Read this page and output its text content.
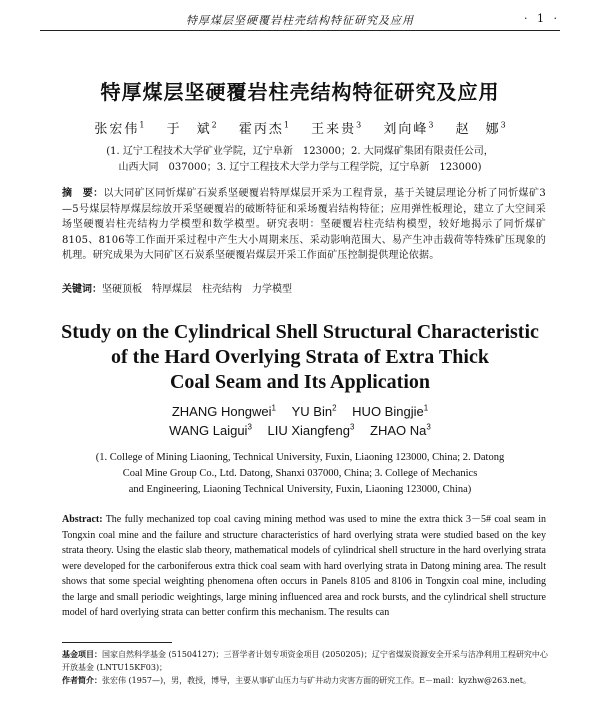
特厚煤层坚硬覆岩柱壳结构特征研究及应用	· 1 ·
特厚煤层坚硬覆岩柱壳结构特征研究及应用
张宏伟$^1$ 于　斌$^2$ 霍丙杰$^1$ 王来贵$^3$ 刘向峰$^3$ 赵　娜$^3$
(1. 辽宁工程技术大学矿业学院，辽宁阜新　123000；2. 大同煤矿集团有限责任公司，
山西大同　037000；3. 辽宁工程技术大学力学与工程学院，辽宁阜新　123000)
摘　要：以大同矿区同忻煤矿石炭系坚硬覆岩特厚煤层开采为工程背景，基于关键层理论分析了同忻煤矿3—5号煤层特厚煤层综放开采坚硬覆岩的破断特征和采场覆岩结构特征；应用弹性板理论，建立了大空间采场坚硬覆岩柱壳结构力学模型和数学模型。研究表明：坚硬覆岩柱壳结构模型，较好地揭示了同忻煤矿8105、8106等工作面开采过程中产生大小周期来压、采动影响范围大、易产生冲击载荷等特殊矿压现象的机理。研究成果为大同矿区石炭系坚硬覆岩煤层开采工作面矿压控制提供理论依据。
关键词：坚硬顶板　特厚煤层　柱壳结构　力学模型
Study on the Cylindrical Shell Structural Characteristic
of the Hard Overlying Strata of Extra Thick
Coal Seam and Its Application
ZHANG Hongwei$^1$ YU Bin$^2$ HUO Bingjie$^1$
WANG Laigui$^3$ LIU Xiangfeng$^3$ ZHAO Na$^3$
(1. College of Mining Liaoning, Technical University, Fuxin, Liaoning 123000, China; 2. Datong
Coal Mine Group Co., Ltd. Datong, Shanxi 037000, China; 3. College of Mechanics
and Engineering, Liaoning Technical University, Fuxin, Liaoning 123000, China)
Abstract: The fully mechanized top coal caving mining method was used to mine the extra thick 3－5# coal seam in Tongxin coal mine and the failure and structure characteristics of hard overlying strata were studied based on the key strata theory. Using the elastic slab theory, mathematical models of cylindrical shell structure in the hard overlying strata were developed for the carboniferous extra thick coal seam with hard overlying strata in Datong mining area. The result shows that some special weighting phenomena often occurs in Panels 8105 and 8106 in Tongxin coal mine, including the large and small periodic weightings, large mining influenced area and rock bursts, and the cylindrical shell structure model of hard overlying strata can better confirm this mechanism. The results can
基金项目：国家自然科学基金 (51504127)；三晋学者计划专项资金项目 (2050205)；辽宁省煤炭资源安全开采与洁净利用工程研究中心开放基金 (LNTU15KF03)；
作者简介：张宏伟 (1957—)，男，教授，博导，主要从事矿山压力与矿井动力灾害方面的研究工作。E－mail：kyzhw@263.net。
